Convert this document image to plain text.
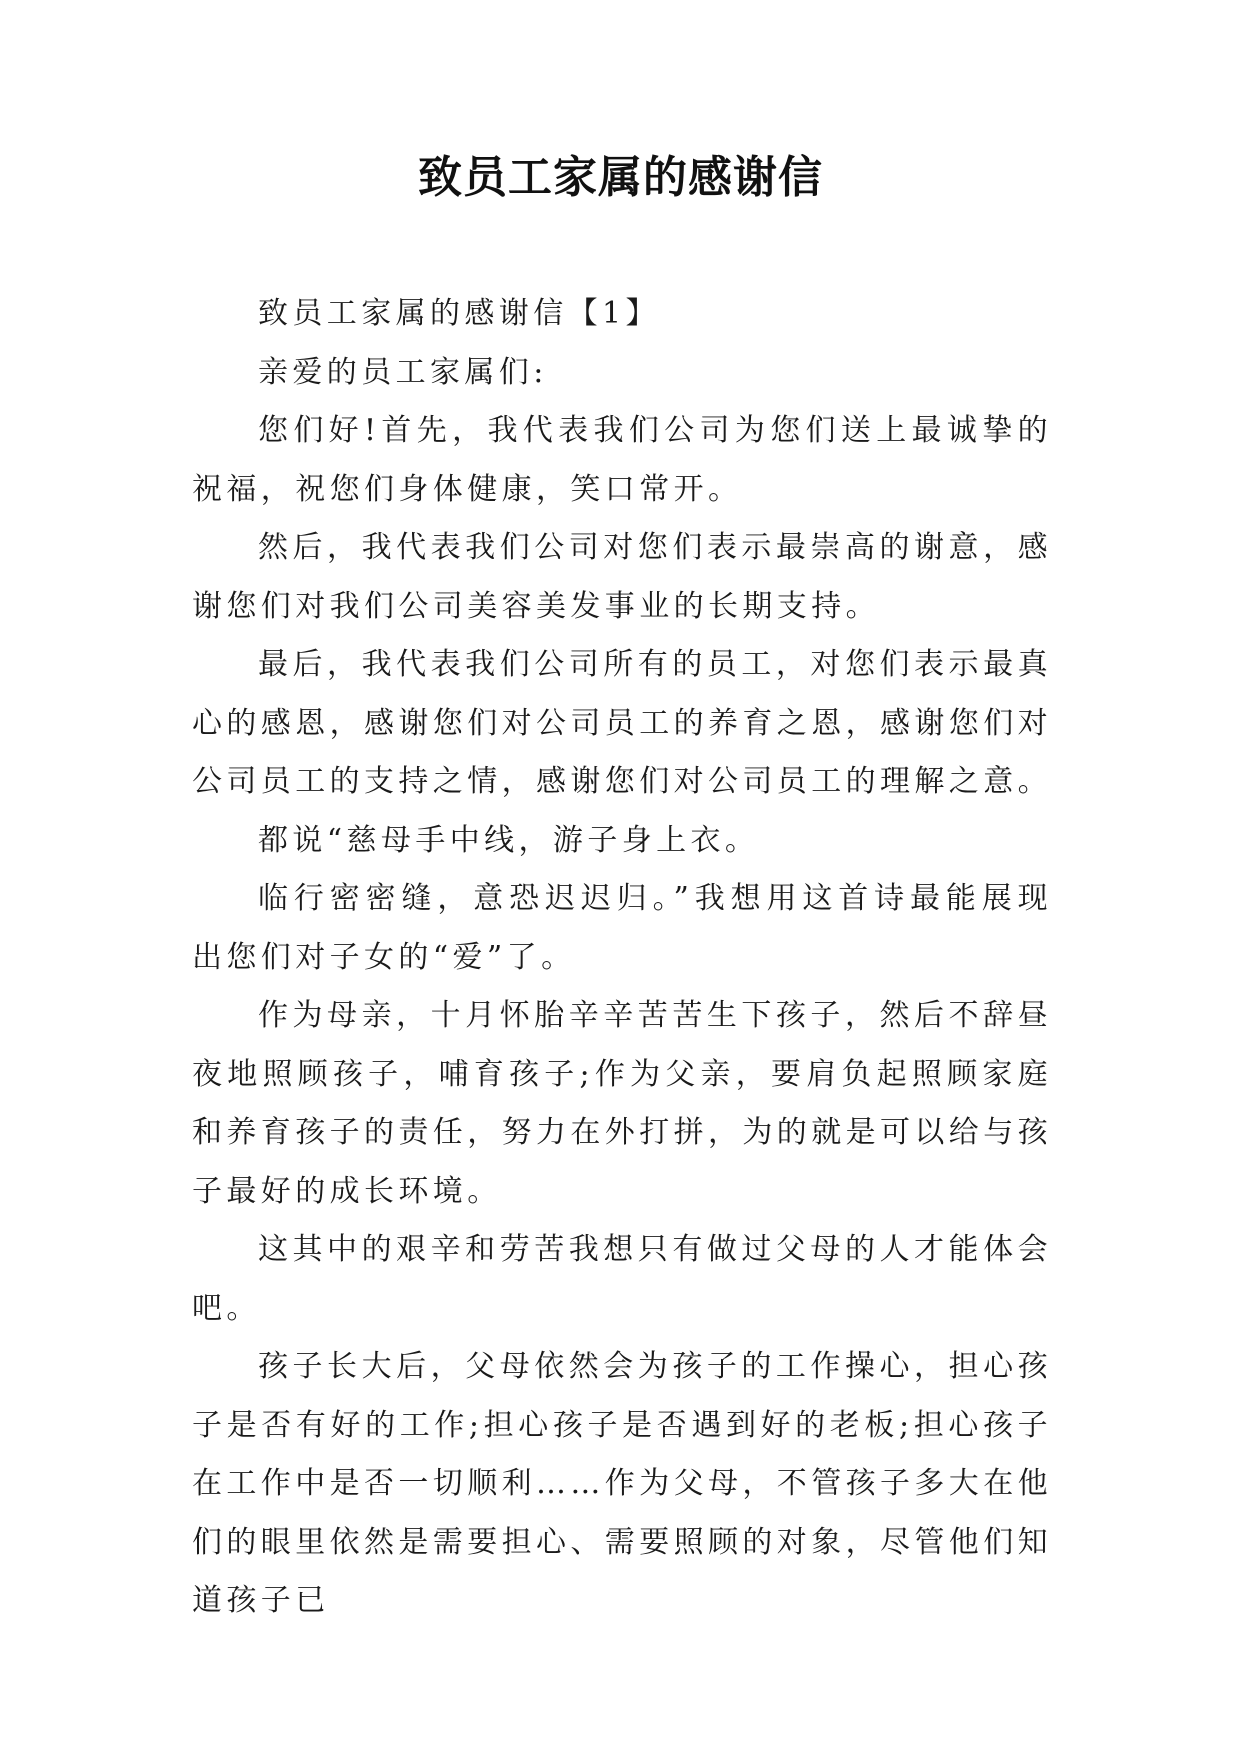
致员工家属的感谢信

致员工家属的感谢信【1】

亲爱的员工家属们:

您们好!首先，我代表我们公司为您们送上最诚挚的祝福，祝您们身体健康，笑口常开。

然后，我代表我们公司对您们表示最崇高的谢意，感谢您们对我们公司美容美发事业的长期支持。

最后，我代表我们公司所有的员工，对您们表示最真心的感恩，感谢您们对公司员工的养育之恩，感谢您们对公司员工的支持之情，感谢您们对公司员工的理解之意。

都说“慈母手中线，游子身上衣。

临行密密缝，意恐迟迟归。”我想用这首诗最能展现出您们对子女的“爱”了。

作为母亲，十月怀胎辛辛苦苦生下孩子，然后不辞昼夜地照顾孩子，哺育孩子;作为父亲，要肩负起照顾家庭和养育孩子的责任，努力在外打拼，为的就是可以给与孩子最好的成长环境。

这其中的艰辛和劳苦我想只有做过父母的人才能体会吧。

孩子长大后，父母依然会为孩子的工作操心，担心孩子是否有好的工作;担心孩子是否遇到好的老板;担心孩子在工作中是否一切顺利……作为父母，不管孩子多大在他们的眼里依然是需要担心、需要照顾的对象，尽管他们知道孩子已
